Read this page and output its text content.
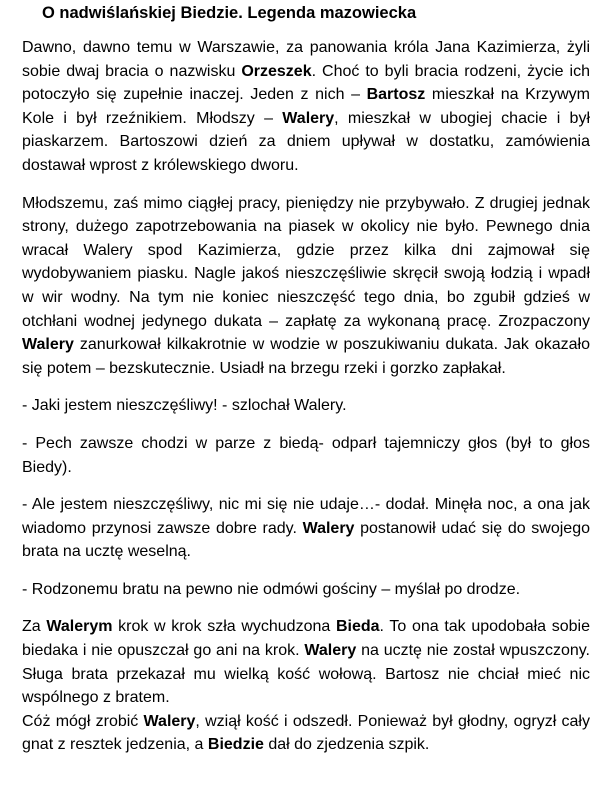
O nadwiślańskiej Biedzie. Legenda mazowiecka

Dawno, dawno temu w Warszawie, za panowania króla Jana Kazimierza, żyli sobie dwaj bracia o nazwisku Orzeszek. Choć to byli bracia rodzeni, życie ich potoczyło się zupełnie inaczej. Jeden z nich – Bartosz mieszkał na Krzywym Kole i był rzeźnikiem. Młodszy – Walery, mieszkał w ubogiej chacie i był piaskarzem. Bartoszowi dzień za dniem upływał w dostatku, zamówienia dostawał wprost z królewskiego dworu.

Młodszemu, zaś mimo ciągłej pracy, pieniędzy nie przybywało. Z drugiej jednak strony, dużego zapotrzebowania na piasek w okolicy nie było. Pewnego dnia wracał Walery spod Kazimierza, gdzie przez kilka dni zajmował się wydobywaniem piasku. Nagle jakoś nieszczęśliwie skręcił swoją łodzią i wpadł w wir wodny. Na tym nie koniec nieszczęść tego dnia, bo zgubił gdzieś w otchłani wodnej jedynego dukata – zapłatę za wykonaną pracę. Zrozpaczony Walery zanurkował kilkakrotnie w wodzie w poszukiwaniu dukata. Jak okazało się potem – bezskutecznie. Usiadł na brzegu rzeki i gorzko zapłakał.

- Jaki jestem nieszczęśliwy! - szlochał Walery.

- Pech zawsze chodzi w parze z biedą- odparł tajemniczy głos (był to głos Biedy).

- Ale jestem nieszczęśliwy, nic mi się nie udaje…- dodał. Minęła noc, a ona jak wiadomo przynosi zawsze dobre rady. Walery postanowił udać się do swojego brata na ucztę weselną.

- Rodzonemu bratu na pewno nie odmówi gościny – myślał po drodze.

Za Walerym krok w krok szła wychudzona Bieda. To ona tak upodobała sobie biedaka i nie opuszczał go ani na krok. Walery na ucztę nie został wpuszczony. Sługa brata przekazał mu wielką kość wołową. Bartosz nie chciał mieć nic wspólnego z bratem.

Cóż mógł zrobić Walery, wziął kość i odszedł. Ponieważ był głodny, ogryzł cały gnat z resztek jedzenia, a Biedzie dał do zjedzenia szpik.
